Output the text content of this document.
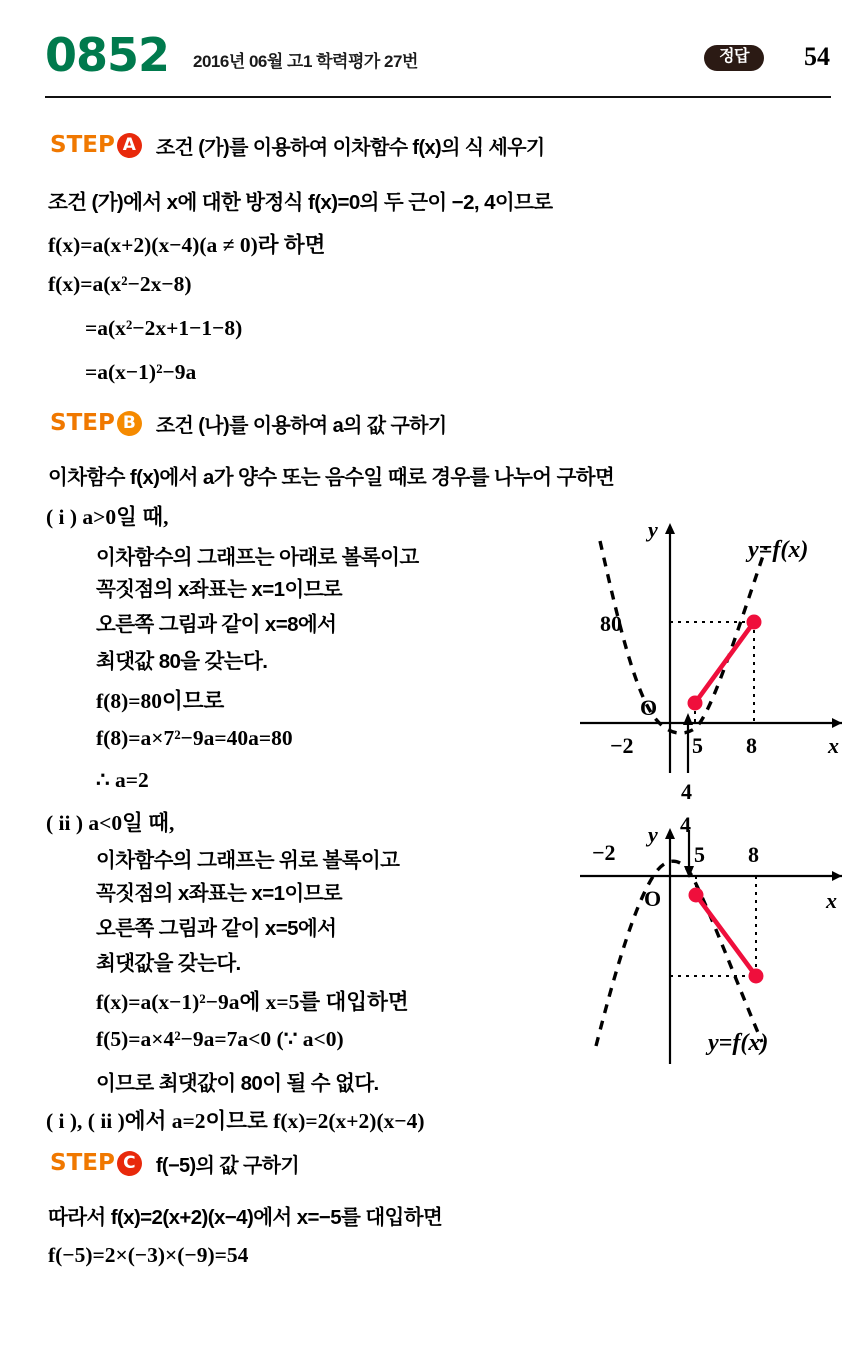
0852 2016년 06월 고1 학력평가 27번	정답	54
STEP A 조건 (가)를 이용하여 이차함수 f(x)의 식 세우기
조건 (가)에서 x에 대한 방정식 f(x)=0의 두 근이 −2, 4이므로
f(x)=a(x+2)(x−4)(a ≠ 0)라 하면
f(x)=a(x²−2x−8)
=a(x²−2x+1−1−8)
=a(x−1)²−9a
STEP B	조건 (나)를 이용하여 a의 값 구하기
이차함수 f(x)에서 a가 양수 또는 음수일 때로 경우를 나누어 구하면
( i ) a>0일 때,
이차함수의 그래프는 아래로 볼록이고
꼭짓점의 x좌표는 x=1이므로
오른쪽 그림과 같이 x=8에서
최댓값 80을 갖는다.
f(8)=80이므로
f(8)=a×7²−9a=40a=80
∴ a=2
y
x
O
80
−2
4
5 8
y=f(x)
( ii ) a<0일 때,
이차함수의 그래프는 위로 볼록이고
꼭짓점의 x좌표는 x=1이므로
오른쪽 그림과 같이 x=5에서
최댓값을 갖는다.
f(x)=a(x−1)²−9a에 x=5를 대입하면
f(5)=a×4²−9a=7a<0 (∵ a<0)
이므로 최댓값이 80이 될 수 없다.
y
x
O
−2
4
5 8
y=f(x)
( i ), ( ii )에서 a=2이므로 f(x)=2(x+2)(x−4)
STEP C	f(−5)의 값 구하기
따라서 f(x)=2(x+2)(x−4)에서 x=−5를 대입하면
f(−5)=2×(−3)×(−9)=54
